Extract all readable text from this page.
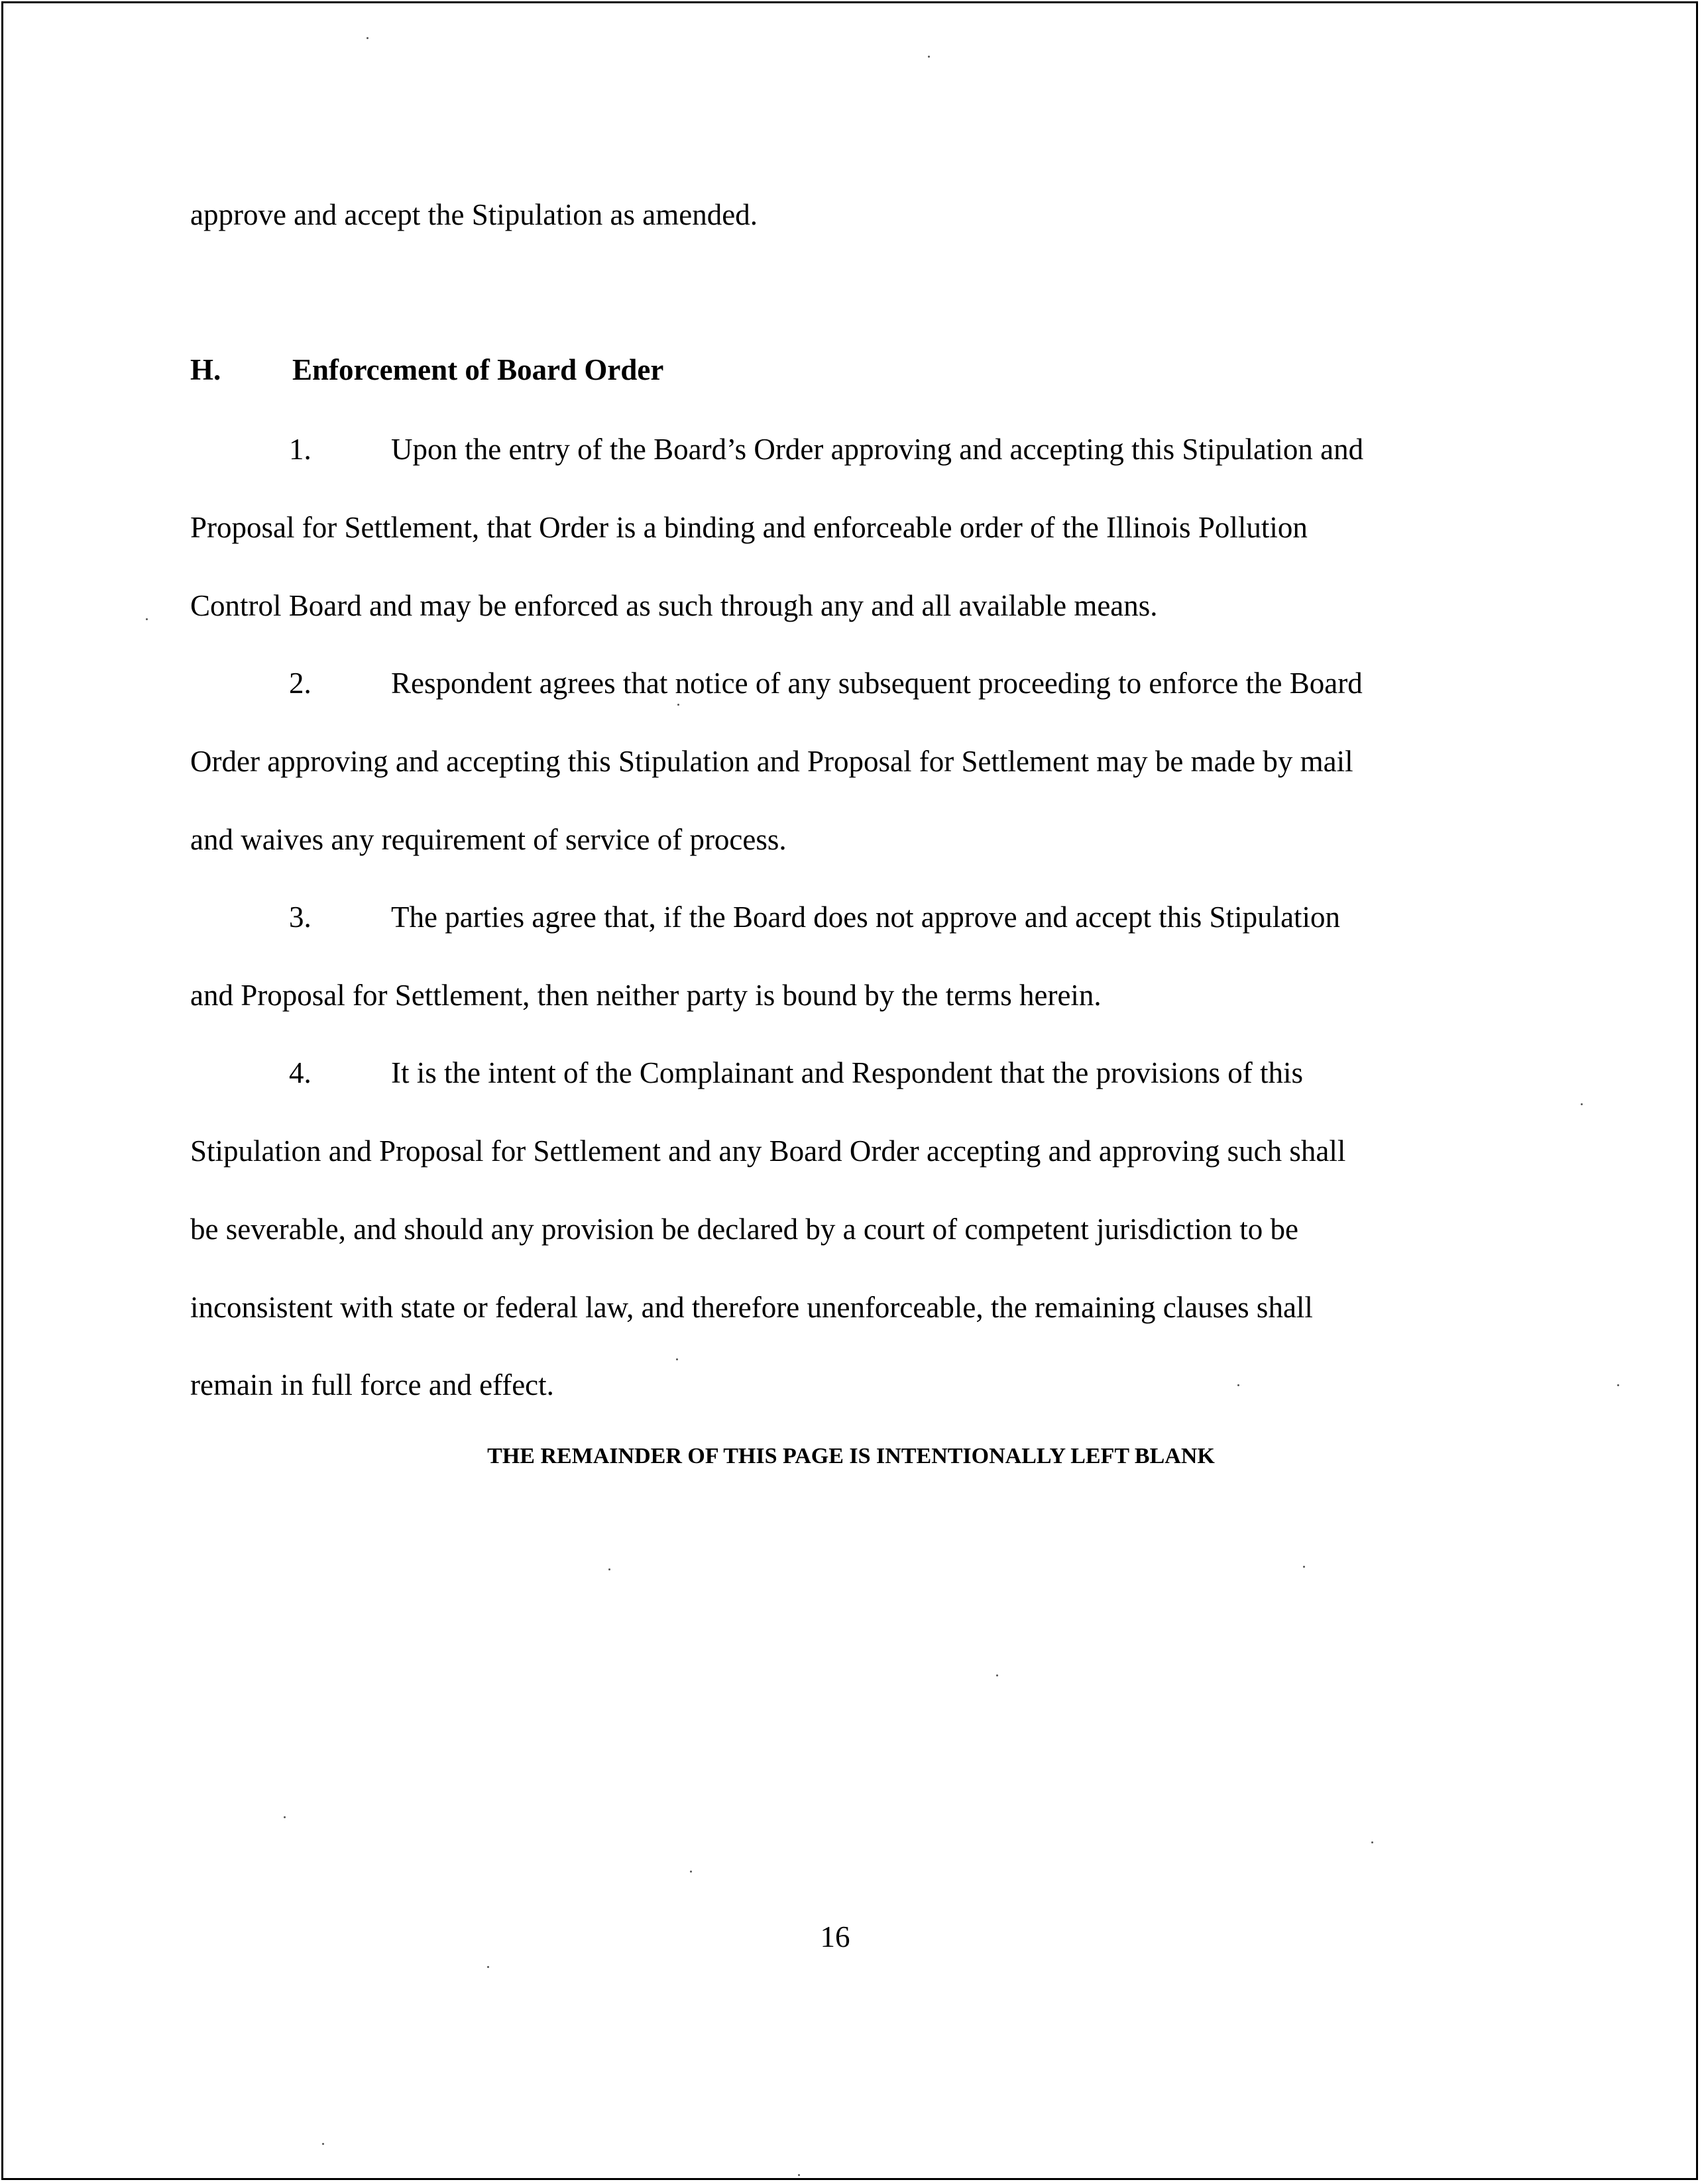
approve and accept the Stipulation as amended.
H. Enforcement of Board Order
1.	Upon the entry of the Board’s Order approving and accepting this Stipulation and
Proposal for Settlement, that Order is a binding and enforceable order of the Illinois Pollution
Control Board and may be enforced as such through any and all available means.
2.	Respondent agrees that notice of any subsequent proceeding to enforce the Board
Order approving and accepting this Stipulation and Proposal for Settlement may be made by mail
and waives any requirement of service of process.
3.	The parties agree that, if the Board does not approve and accept this Stipulation
and Proposal for Settlement, then neither party is bound by the terms herein.
4.	It is the intent of the Complainant and Respondent that the provisions of this
Stipulation and Proposal for Settlement and any Board Order accepting and approving such shall
be severable, and should any provision be declared by a court of competent jurisdiction to be
inconsistent with state or federal law, and therefore unenforceable, the remaining clauses shall
remain in full force and effect.
THE REMAINDER OF THIS PAGE IS INTENTIONALLY LEFT BLANK
16
